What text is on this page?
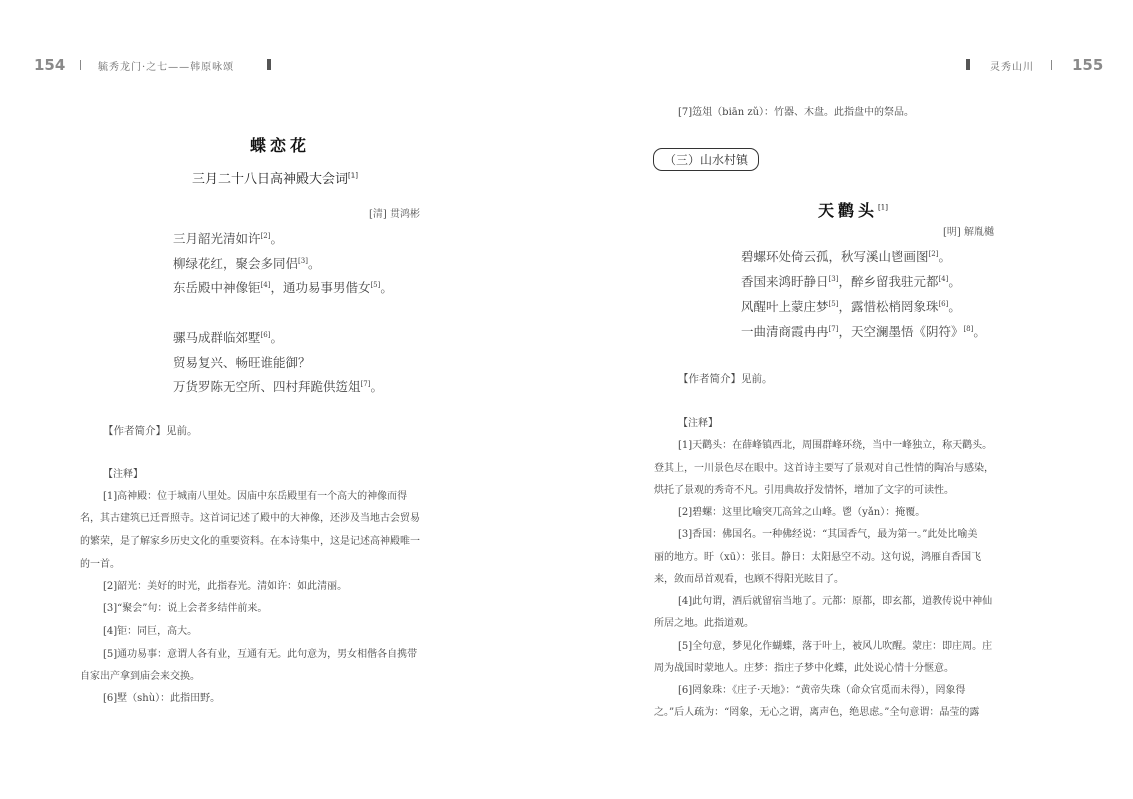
154	毓秀龙门·之七——韩原咏颂	灵秀山川	155
蝶恋花
三月二十八日高神殿大会词[1]
[清] 贯鸿彬
三月韶光清如许[2]。
柳绿花红，聚会多同侣[3]。
东岳殿中神像钜[4]，通功易事男偕女[5]。
骡马成群临郊墅[6]。
贸易复兴、畅旺谁能御？
万货罗陈无空所、四村拜跪供笾俎[7]。
【作者简介】见前。
【注释】
[1]高神殿：位于城南八里处。因庙中东岳殿里有一个高大的神像而得
名，其古建筑已迁晋照寺。这首词记述了殿中的大神像，还涉及当地古会贸易
的繁荣，是了解家乡历史文化的重要资料。在本诗集中，这是记述高神殿唯一
的一首。
[2]韶光：美好的时光，此指春光。清如许：如此清丽。
[3]“聚会”句：说上会者多结伴前来。
[4]钜：同巨，高大。
[5]通功易事：意谓人各有业，互通有无。此句意为，男女相偕各自携带
自家出产拿到庙会来交换。
[6]墅（shù）：此指田野。
[7]笾俎（biān zǔ）：竹器、木盘。此指盘中的祭品。
（三）山水村镇
天鹳头[1]
[明] 解胤樾
碧螺环处倚云孤，秋写溪山鬯画图[2]。
香国来鸿盱静日[3]，醉乡留我驻元都[4]。
风醒叶上蒙庄梦[5]，露惜松梢罔象珠[6]。
一曲清商霞冉冉[7]，天空澜墨悟《阴符》[8]。
【作者简介】见前。
【注释】
[1]天鹳头：在薛峰镇西北，周围群峰环绕，当中一峰独立，称天鹳头。
登其上，一川景色尽在眼中。这首诗主要写了景观对自己性情的陶冶与感染，
烘托了景观的秀奇不凡。引用典故抒发情怀，增加了文字的可读性。
[2]碧螺：这里比喻突兀高耸之山峰。鬯（yǎn）：掩覆。
[3]香国：佛国名。一种佛经说：“其国香气，最为第一。”此处比喻美
丽的地方。盱（xū）：张目。静日：太阳悬空不动。这句说，鸿雁自香国飞
来，敛而昂首观看，也顾不得阳光眩目了。
[4]此句谓，酒后就留宿当地了。元都：原都，即玄都，道教传说中神仙
所居之地。此指道观。
[5]全句意，梦见化作蝴蝶，落于叶上，被风儿吹醒。蒙庄：即庄周。庄
周为战国时蒙地人。庄梦：指庄子梦中化蝶，此处说心情十分惬意。
[6]罔象珠：《庄子·天地》：“黄帝失珠（命众官觅而未得），罔象得
之。”后人疏为：“罔象，无心之谓，离声色，绝思虑。”全句意谓：晶莹的露
